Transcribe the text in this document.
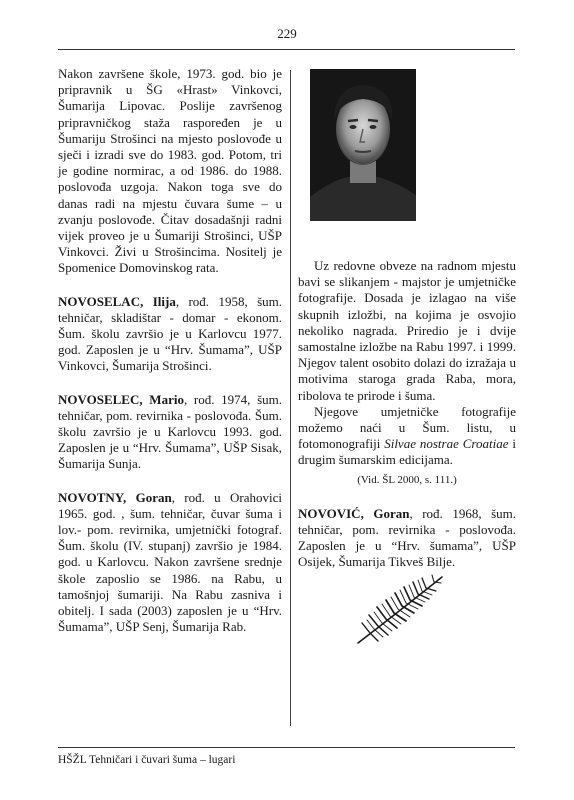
229

Nakon završene škole, 1973. god. bio je pripravnik u ŠG «Hrast» Vinkovci, Šumarija Lipovac. Poslije završenog pripravničkog staža raspoređen je u Šumariju Strošinci na mjesto poslovođe u sječi i izradi sve do 1983. god. Potom, tri je godine normirac, a od 1986. do 1988. poslovođa uzgoja. Nakon toga sve do danas radi na mjestu čuvara šume – u zvanju poslovođe. Čitav dosadašnji radni vijek proveo je u Šumariji Strošinci, UŠP Vinkovci. Živi u Strošincima. Nositelj je Spomenice Domovinskog rata.

NOVOSELAC, Ilija, rođ. 1958, šum. tehničar, skladištar - domar - ekonom. Šum. školu završio je u Karlovcu 1977. god. Zaposlen je u “Hrv. Šumama”, UŠP Vinkovci, Šumarija Strošinci.

NOVOSELEC, Mario, rođ. 1974, šum. tehničar, pom. revirnika - poslovođa. Šum. školu završio je u Karlovcu 1993. god. Zaposlen je u “Hrv. Šumama”, UŠP Sisak, Šumarija Sunja.

NOVOTNY, Goran, rođ. u Orahovici 1965. god. , šum. tehničar, čuvar šuma i lov.- pom. revirnika, umjetnički fotograf. Šum. školu (IV. stupanj) završio je 1984. god. u Karlovcu. Nakon završene srednje škole zaposlio se 1986. na Rabu, u tamošnjoj šumariji. Na Rabu zasniva i obitelj. I sada (2003) zaposlen je u “Hrv. Šumama”, UŠP Senj, Šumarija Rab.

Uz redovne obveze na radnom mjestu bavi se slikanjem - majstor je umjetničke fotografije. Dosada je izlagao na više skupnih izložbi, na kojima je osvojio nekoliko nagrada. Priredio je i dvije samostalne izložbe na Rabu 1997. i 1999. Njegov talent osobito dolazi do izražaja u motivima staroga grada Raba, mora, ribolova te prirode i šuma.

Njegove umjetničke fotografije možemo naći u Šum. listu, u fotomonografiji Silvae nostrae Croatiae i drugim šumarskim edicijama.

(Vid. ŠL 2000, s. 111.)

NOVOVIĆ, Goran, rođ. 1968, šum. tehničar, pom. revirnika - poslovođa. Zaposlen je u “Hrv. šumama”, UŠP Osijek, Šumarija Tikveš Bilje.

HŠŽL Tehničari i čuvari šuma – lugari
